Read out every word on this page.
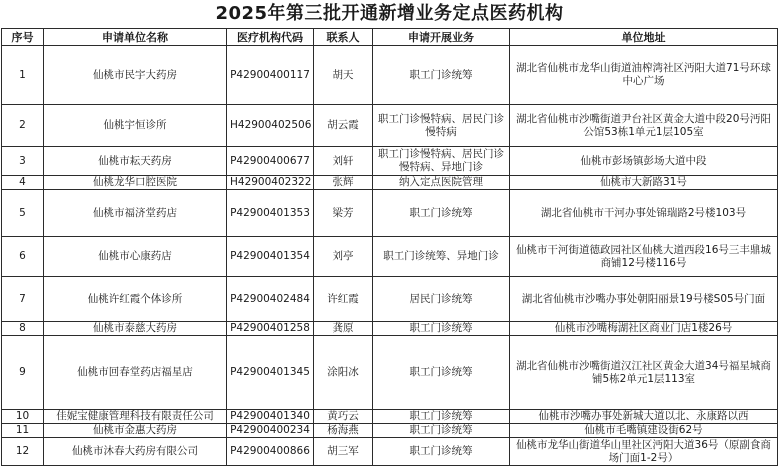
2025年第三批开通新增业务定点医药机构
序号	申请单位名称	医疗机构代码	联系人	申请开展业务	单位地址
1	仙桃市民宇大药房	P42900400117	胡天	职工门诊统筹	湖北省仙桃市龙华山街道油榨湾社区沔阳大道71号环球中心广场
2	仙桃宇恒诊所	H42900402506	胡云霞	职工门诊慢特病、居民门诊慢特病	湖北省仙桃市沙嘴街道尹台社区黄金大道中段20号沔阳公馆53栋1单元1层105室
3	仙桃市耘天药房	P42900400677	刘轩	职工门诊慢特病、居民门诊慢特病、异地门诊	仙桃市彭场镇彭场大道中段
4	仙桃龙华口腔医院	H42900402322	张辉	纳入定点医院管理	仙桃市大新路31号
5	仙桃市福济堂药店	P42900401353	梁芳	职工门诊统筹	湖北省仙桃市干河办事处锦瑞路2号楼103号
6	仙桃市心康药店	P42900401354	刘亭	职工门诊统筹、异地门诊	仙桃市干河街道德政园社区仙桃大道西段16号三丰鼎城商铺12号楼116号
7	仙桃许红霞个体诊所	P42900402484	许红霞	居民门诊统筹	湖北省仙桃市沙嘴办事处朝阳丽景19号楼S05号门面
8	仙桃市泰慈大药房	P42900401258	龚原	职工门诊统筹	仙桃市沙嘴梅湖社区商业门店1楼26号
9	仙桃市回春堂药店福星店	P42900401345	涂阳冰	职工门诊统筹	湖北省仙桃市沙嘴街道汉江社区黄金大道34号福星城商铺5栋2单元1层113室
10	佳妮宝健康管理科技有限责任公司	P42900401340	黄巧云	职工门诊统筹	仙桃市沙嘴办事处新城大道以北、永康路以西
11	仙桃市金惠大药房	P42900400234	杨海燕	职工门诊统筹	仙桃市毛嘴镇建设街62号
12	仙桃市沐春大药房有限公司	P42900400866	胡三军	职工门诊统筹	仙桃市龙华山街道华山里社区沔阳大道36号（原副食商场门面1-2号）
